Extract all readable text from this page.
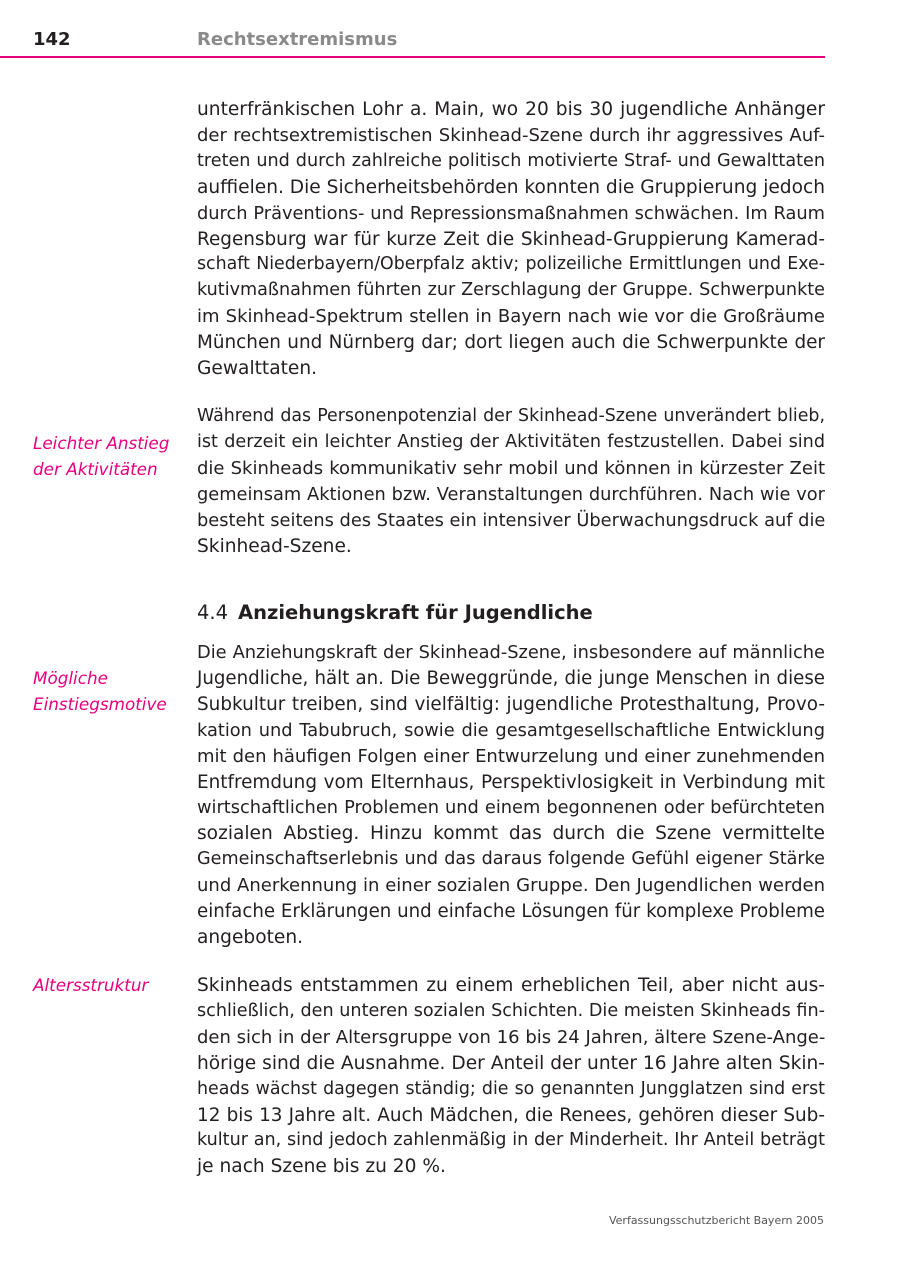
142	Rechtsextremismus
unterfränkischen Lohr a. Main, wo 20 bis 30 jugendliche Anhänger
der rechtsextremistischen Skinhead-Szene durch ihr aggressives Auf-
treten und durch zahlreiche politisch motivierte Straf- und Gewalttaten
auffielen. Die Sicherheitsbehörden konnten die Gruppierung jedoch
durch Präventions- und Repressionsmaßnahmen schwächen. Im Raum
Regensburg war für kurze Zeit die Skinhead-Gruppierung Kamerad-
schaft Niederbayern/Oberpfalz aktiv; polizeiliche Ermittlungen und Exe-
kutivmaßnahmen führten zur Zerschlagung der Gruppe. Schwerpunkte
im Skinhead-Spektrum stellen in Bayern nach wie vor die Großräume
München und Nürnberg dar; dort liegen auch die Schwerpunkte der
Gewalttaten.
Leichter Anstieg
der Aktivitäten
Während das Personenpotenzial der Skinhead-Szene unverändert blieb,
ist derzeit ein leichter Anstieg der Aktivitäten festzustellen. Dabei sind
die Skinheads kommunikativ sehr mobil und können in kürzester Zeit
gemeinsam Aktionen bzw. Veranstaltungen durchführen. Nach wie vor
besteht seitens des Staates ein intensiver Überwachungsdruck auf die
Skinhead-Szene.
4.4 Anziehungskraft für Jugendliche
Mögliche
Einstiegsmotive
Die Anziehungskraft der Skinhead-Szene, insbesondere auf männliche
Jugendliche, hält an. Die Beweggründe, die junge Menschen in diese
Subkultur treiben, sind vielfältig: jugendliche Protesthaltung, Provo-
kation und Tabubruch, sowie die gesamtgesellschaftliche Entwicklung
mit den häufigen Folgen einer Entwurzelung und einer zunehmenden
Entfremdung vom Elternhaus, Perspektivlosigkeit in Verbindung mit
wirtschaftlichen Problemen und einem begonnenen oder befürchteten
sozialen Abstieg. Hinzu kommt das durch die Szene vermittelte
Gemeinschaftserlebnis und das daraus folgende Gefühl eigener Stärke
und Anerkennung in einer sozialen Gruppe. Den Jugendlichen werden
einfache Erklärungen und einfache Lösungen für komplexe Probleme
angeboten.
Altersstruktur	Skinheads entstammen zu einem erheblichen Teil, aber nicht aus-
schließlich, den unteren sozialen Schichten. Die meisten Skinheads fin-
den sich in der Altersgruppe von 16 bis 24 Jahren, ältere Szene-Ange-
hörige sind die Ausnahme. Der Anteil der unter 16 Jahre alten Skin-
heads wächst dagegen ständig; die so genannten Jungglatzen sind erst
12 bis 13 Jahre alt. Auch Mädchen, die Renees, gehören dieser Sub-
kultur an, sind jedoch zahlenmäßig in der Minderheit. Ihr Anteil beträgt
je nach Szene bis zu 20 %.
Verfassungsschutzbericht Bayern 2005
